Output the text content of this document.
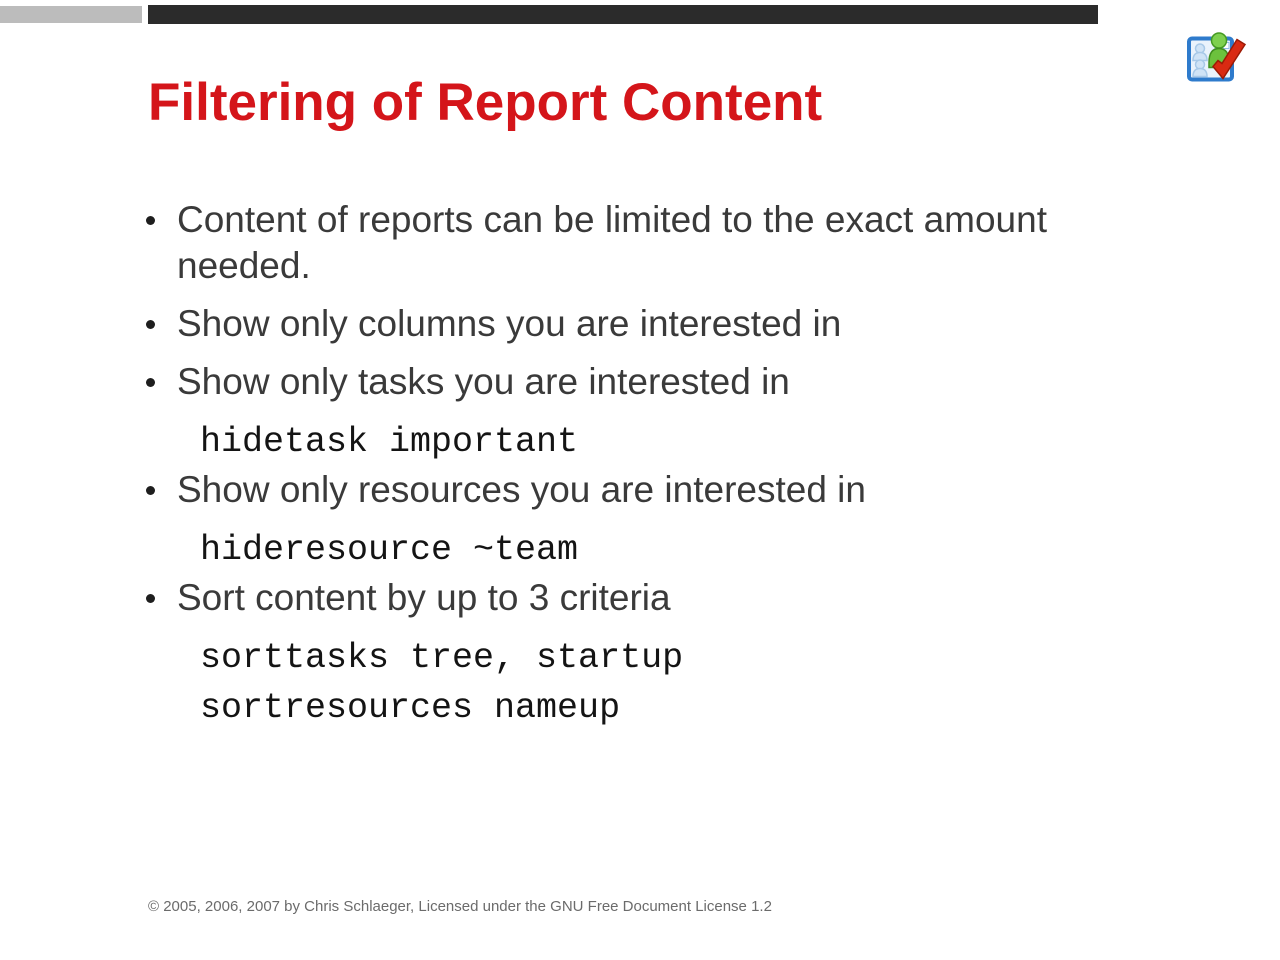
Filtering of Report Content
Content of reports can be limited to the exact amount needed.
Show only columns you are interested in
Show only tasks you are interested in
hidetask important
Show only resources you are interested in
hideresource ~team
Sort content by up to 3 criteria
sorttasks tree, startup
sortresources nameup
© 2005, 2006, 2007 by Chris Schlaeger, Licensed under the GNU Free Document License 1.2
